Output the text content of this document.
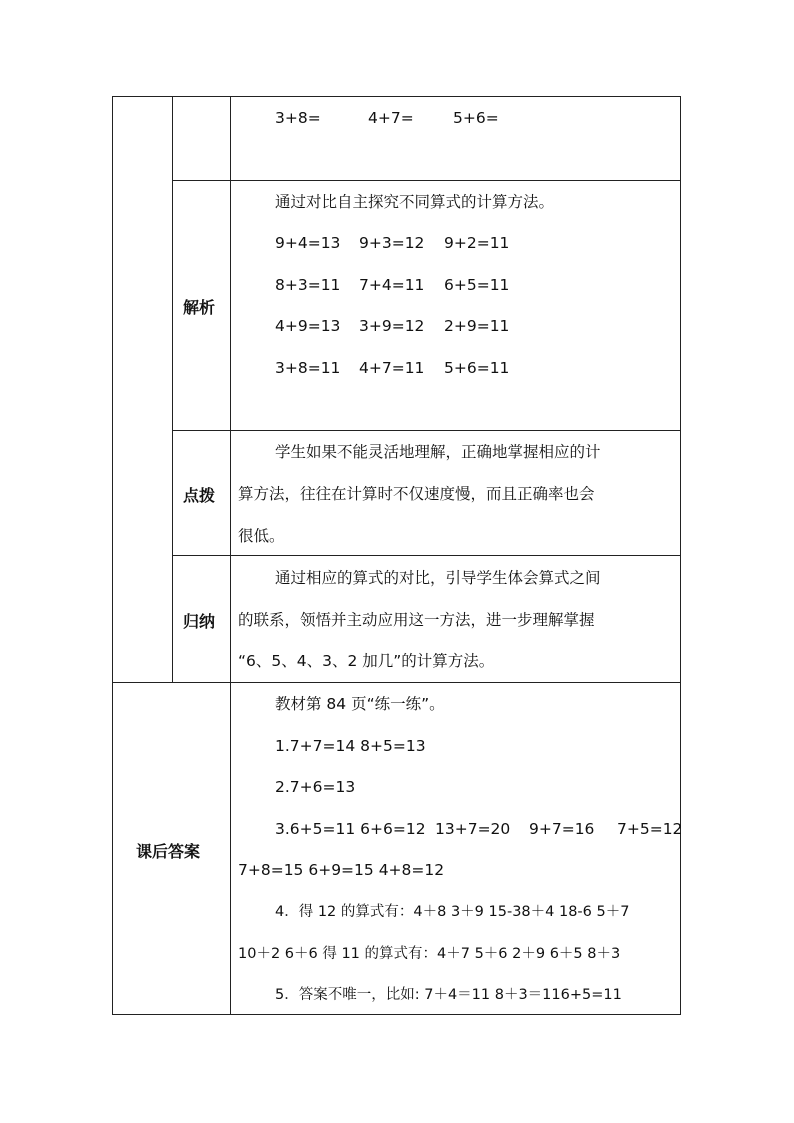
3+8=	4+7=	5+6=
解析
通过对比自主探究不同算式的计算方法。
9+4=13 9+3=12 9+2=11
8+3=11 7+4=11 6+5=11
4+9=13 3+9=12 2+9=11
3+8=11 4+7=11 5+6=11
点拨
学生如果不能灵活地理解，正确地掌握相应的计
算方法，往往在计算时不仅速度慢，而且正确率也会
很低。
归纳
通过相应的算式的对比，引导学生体会算式之间
的联系，领悟并主动应用这一方法，进一步理解掌握
“6、5、4、3、2 加几”的计算方法。
课后答案
教材第 84 页“练一练”。
1.7+7=14 8+5=13
2.7+6=13
3.6+5=11 6+6=12 13+7=20 9+7=16 7+5=12
7+8=15 6+9=15 4+8=12
4．得 12 的算式有：4＋8 3＋9 15-38＋4 18-6 5＋7
10＋2 6＋6 得 11 的算式有：4＋7 5＋6 2＋9 6＋5 8＋3
5．答案不唯一，比如: 7＋4＝11 8＋3＝116+5=11
